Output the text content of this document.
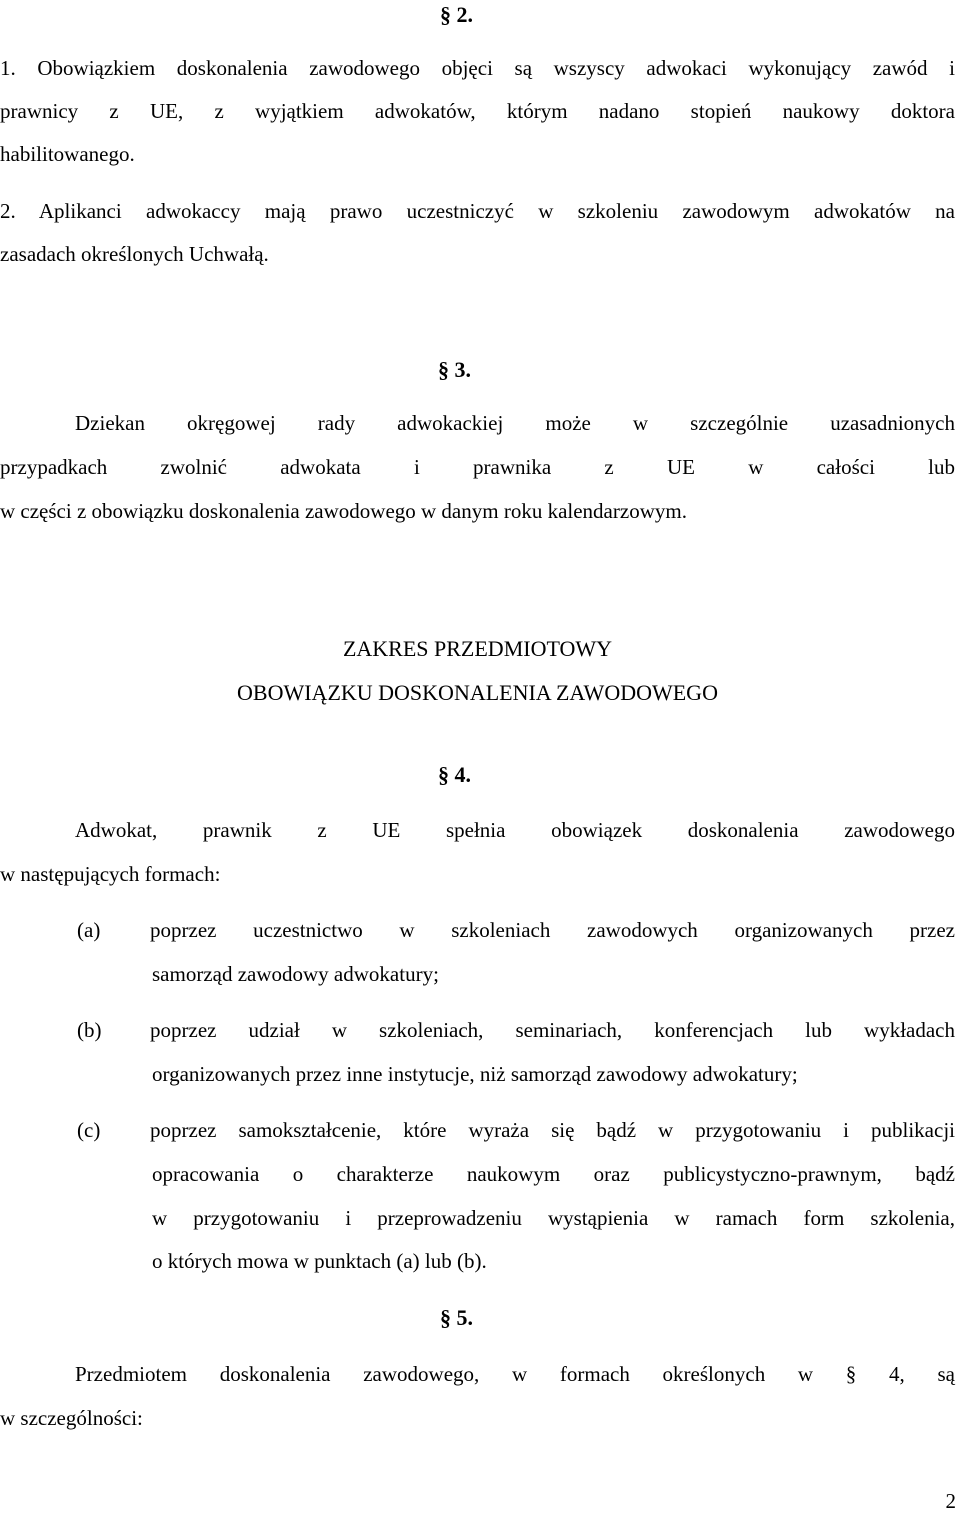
§ 2.
1. Obowiązkiem doskonalenia zawodowego objęci są wszyscy adwokaci wykonujący zawód i
prawnicy z UE, z wyjątkiem adwokatów, którym nadano stopień naukowy doktora
habilitowanego.
2. Aplikanci adwokaccy mają prawo uczestniczyć w szkoleniu zawodowym adwokatów na
zasadach określonych Uchwałą.
§ 3.
Dziekan okręgowej rady adwokackiej może w szczególnie uzasadnionych
przypadkach zwolnić adwokata i prawnika z UE w całości lub
w części z obowiązku doskonalenia zawodowego w danym roku kalendarzowym.
ZAKRES PRZEDMIOTOWY
OBOWIĄZKU DOSKONALENIA ZAWODOWEGO
§ 4.
Adwokat, prawnik z UE spełnia obowiązek doskonalenia zawodowego
w następujących formach:
(a) poprzez uczestnictwo w szkoleniach zawodowych organizowanych przez
samorząd zawodowy adwokatury;
(b) poprzez udział w szkoleniach, seminariach, konferencjach lub wykładach
organizowanych przez inne instytucje, niż samorząd zawodowy adwokatury;
(c) poprzez samokształcenie, które wyraża się bądź w przygotowaniu i publikacji
opracowania o charakterze naukowym oraz publicystyczno-prawnym, bądź
w przygotowaniu i przeprowadzeniu wystąpienia w ramach form szkolenia,
o których mowa w punktach (a) lub (b).
§ 5.
Przedmiotem doskonalenia zawodowego, w formach określonych w § 4, są
w szczególności:
2
